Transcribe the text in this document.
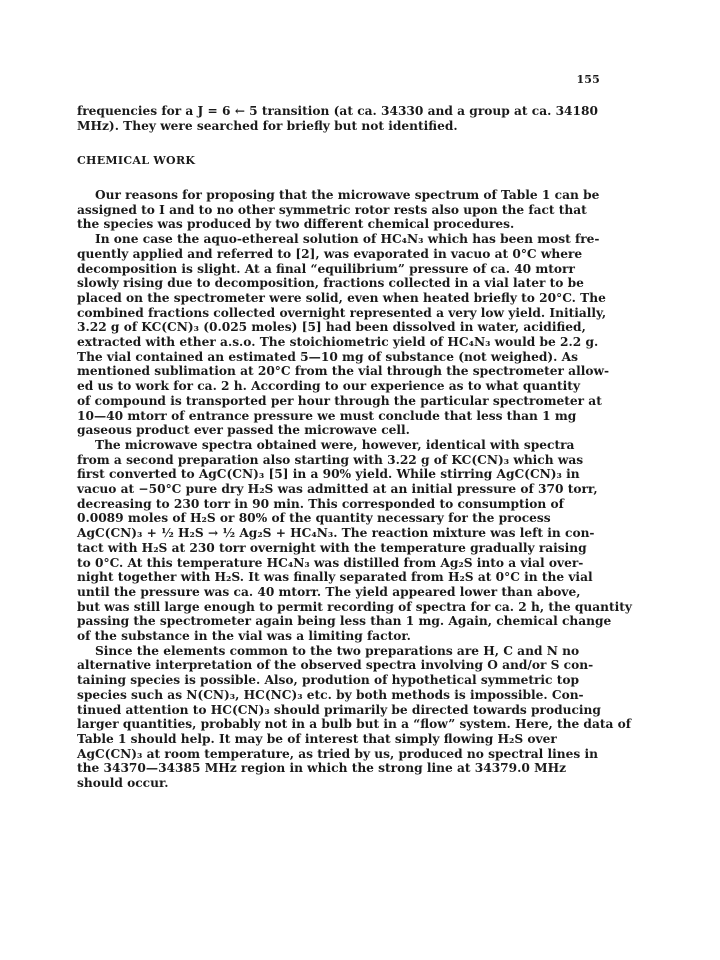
155

frequencies for a J = 6 ← 5 transition (at ca. 34330 and a group at ca. 34180
MHz). They were searched for briefly but not identified.

CHEMICAL WORK

Our reasons for proposing that the microwave spectrum of Table 1 can be
assigned to I and to no other symmetric rotor rests also upon the fact that
the species was produced by two different chemical procedures.

In one case the aquo-ethereal solution of HC₄N₃ which has been most fre-
quently applied and referred to [2], was evaporated in vacuo at 0°C where
decomposition is slight. At a final “equilibrium” pressure of ca. 40 mtorr
slowly rising due to decomposition, fractions collected in a vial later to be
placed on the spectrometer were solid, even when heated briefly to 20°C. The
combined fractions collected overnight represented a very low yield. Initially,
3.22 g of KC(CN)₃ (0.025 moles) [5] had been dissolved in water, acidified,
extracted with ether a.s.o. The stoichiometric yield of HC₄N₃ would be 2.2 g.
The vial contained an estimated 5—10 mg of substance (not weighed). As
mentioned sublimation at 20°C from the vial through the spectrometer allow-
ed us to work for ca. 2 h. According to our experience as to what quantity
of compound is transported per hour through the particular spectrometer at
10—40 mtorr of entrance pressure we must conclude that less than 1 mg
gaseous product ever passed the microwave cell.

The microwave spectra obtained were, however, identical with spectra
from a second preparation also starting with 3.22 g of KC(CN)₃ which was
first converted to AgC(CN)₃ [5] in a 90% yield. While stirring AgC(CN)₃ in
vacuo at −50°C pure dry H₂S was admitted at an initial pressure of 370 torr,
decreasing to 230 torr in 90 min. This corresponded to consumption of
0.0089 moles of H₂S or 80% of the quantity necessary for the process
AgC(CN)₃ + ½ H₂S → ½ Ag₂S + HC₄N₃. The reaction mixture was left in con-
tact with H₂S at 230 torr overnight with the temperature gradually raising
to 0°C. At this temperature HC₄N₃ was distilled from Ag₂S into a vial over-
night together with H₂S. It was finally separated from H₂S at 0°C in the vial
until the pressure was ca. 40 mtorr. The yield appeared lower than above,
but was still large enough to permit recording of spectra for ca. 2 h, the quantity
passing the spectrometer again being less than 1 mg. Again, chemical change
of the substance in the vial was a limiting factor.

Since the elements common to the two preparations are H, C and N no
alternative interpretation of the observed spectra involving O and/or S con-
taining species is possible. Also, prodution of hypothetical symmetric top
species such as N(CN)₃, HC(NC)₃ etc. by both methods is impossible. Con-
tinued attention to HC(CN)₃ should primarily be directed towards producing
larger quantities, probably not in a bulb but in a “flow” system. Here, the data of
Table 1 should help. It may be of interest that simply flowing H₂S over
AgC(CN)₃ at room temperature, as tried by us, produced no spectral lines in
the 34370—34385 MHz region in which the strong line at 34379.0 MHz
should occur.
